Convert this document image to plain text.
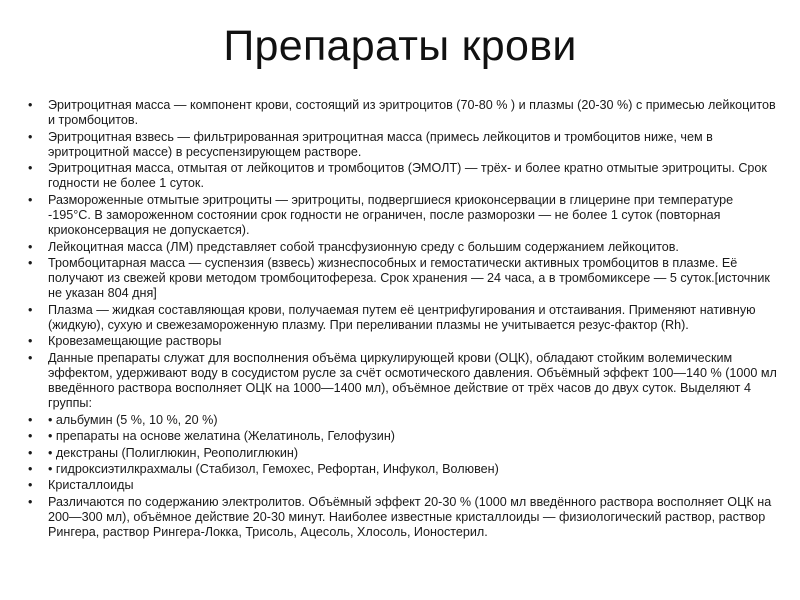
Препараты крови
• Эритроцитная масса — компонент крови, состоящий из эритроцитов (70-80 % ) и плазмы (20-30 %) с примесью лейкоцитов и тромбоцитов.
• Эритроцитная взвесь — фильтрированная эритроцитная масса (примесь лейкоцитов и тромбоцитов ниже, чем в эритроцитной массе) в ресуспензирующем растворе.
• Эритроцитная масса, отмытая от лейкоцитов и тромбоцитов (ЭМОЛТ) — трёх- и более кратно отмытые эритроциты. Срок годности не более 1 суток.
• Размороженные отмытые эритроциты — эритроциты, подвергшиеся криоконсервации в глицерине при температуре -195°C. В замороженном состоянии срок годности не ограничен, после разморозки — не более 1 суток (повторная криоконсервация не допускается).
• Лейкоцитная масса (ЛМ) представляет собой трансфузионную среду с большим содержанием лейкоцитов.
• Тромбоцитарная масса — суспензия (взвесь) жизнеспособных и гемостатически активных тромбоцитов в плазме. Её получают из свежей крови методом тромбоцитофереза. Срок хранения — 24 часа, а в тромбомиксере — 5 суток.[источник не указан 804 дня]
• Плазма — жидкая составляющая крови, получаемая путем её центрифугирования и отстаивания. Применяют нативную (жидкую), сухую и свежезамороженную плазму. При переливании плазмы не учитывается резус-фактор (Rh).
• Кровезамещающие растворы
• Данные препараты служат для восполнения объёма циркулирующей крови (ОЦК), обладают стойким волемическим эффектом, удерживают воду в сосудистом русле за счёт осмотического давления. Объёмный эффект 100—140 % (1000 мл введённого раствора восполняет ОЦК на 1000—1400 мл), объёмное действие от трёх часов до двух суток. Выделяют 4 группы:
• • альбумин (5 %, 10 %, 20 %)
• • препараты на основе желатина (Желатиноль, Гелофузин)
• • декстраны (Полиглюкин, Реополиглюкин)
• • гидроксиэтилкрахмалы (Стабизол, Гемохес, Рефортан, Инфукол, Волювен)
• Кристаллоиды
• Различаются по содержанию электролитов. Объёмный эффект 20-30 % (1000 мл введённого раствора восполняет ОЦК на 200—300 мл), объёмное действие 20-30 минут. Наиболее известные кристаллоиды — физиологический раствор, раствор Рингера, раствор Рингера-Локка, Трисоль, Ацесоль, Хлосоль, Ионостерил.
